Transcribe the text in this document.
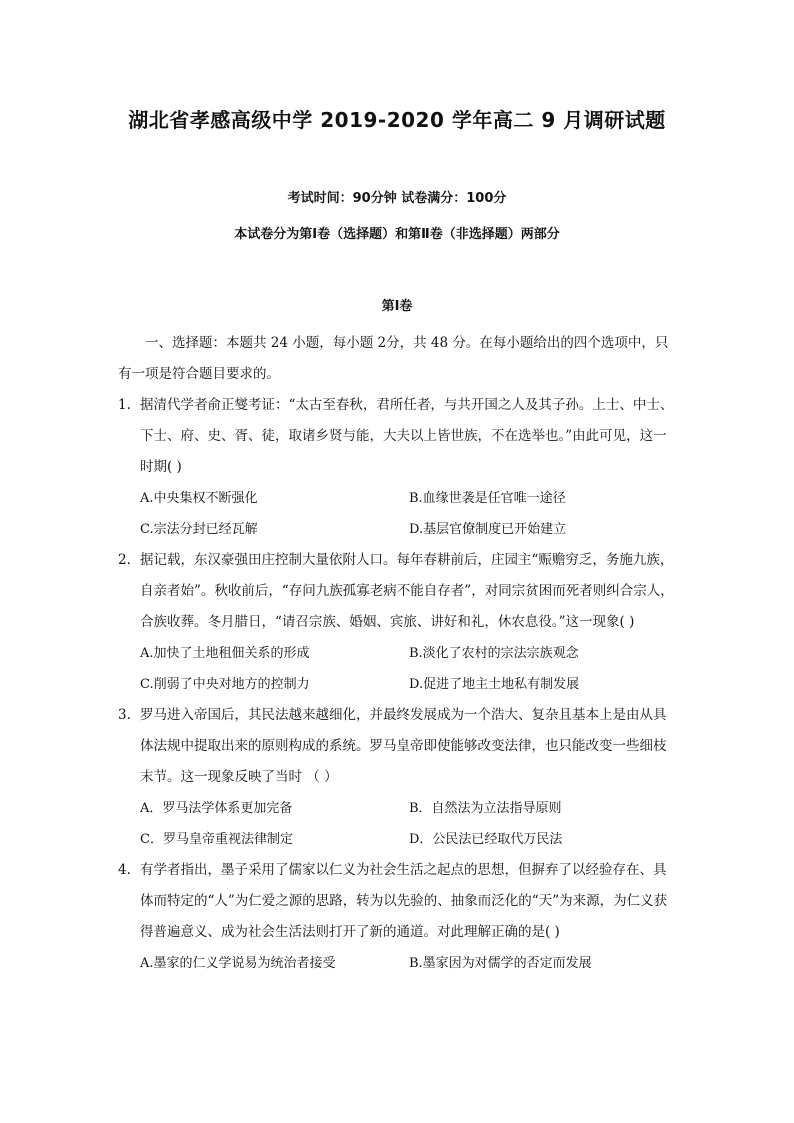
湖北省孝感高级中学 2019-2020 学年高二 9 月调研试题
考试时间：90分钟 试卷满分：100分
本试卷分为第Ⅰ卷（选择题）和第Ⅱ卷（非选择题）两部分
第Ⅰ卷

一、选择题：本题共 24 小题，每小题 2分，共 48 分。在每小题给出的四个选项中，只有一项是符合题目要求的。

1. 据清代学者俞正燮考证：“太古至春秋，君所任者，与共开国之人及其子孙。上士、中士、下士、府、史、胥、徒，取诸乡贤与能，大夫以上皆世族，不在选举也。”由此可见，这一时期( )

A.中央集权不断强化	B.血缘世袭是任官唯一途径
C.宗法分封已经瓦解	D.基层官僚制度已开始建立

2. 据记载，东汉豪强田庄控制大量依附人口。每年春耕前后，庄园主“赈赡穷乏，务施九族，自亲者始”。秋收前后，“存问九族孤寡老病不能自存者”，对同宗贫困而死者则纠合宗人，合族收葬。冬月腊日，“请召宗族、婚姻、宾旅、讲好和礼，休农息役。”这一现象( )

A.加快了土地租佃关系的形成	B.淡化了农村的宗法宗族观念
C.削弱了中央对地方的控制力	D.促进了地主土地私有制发展

3. 罗马进入帝国后，其民法越来越细化，并最终发展成为一个浩大、复杂且基本上是由从具体法规中提取出来的原则构成的系统。罗马皇帝即使能够改变法律，也只能改变一些细枝末节。这一现象反映了当时 （ ）

A．罗马法学体系更加完备	B．自然法为立法指导原则
C．罗马皇帝重视法律制定	D．公民法已经取代万民法

4. 有学者指出，墨子采用了儒家以仁义为社会生活之起点的思想，但摒弃了以经验存在、具体而特定的“人”为仁爱之源的思路，转为以先验的、抽象而泛化的“天”为来源，为仁义获得普遍意义、成为社会生活法则打开了新的通道。对此理解正确的是( )

A.墨家的仁义学说易为统治者接受	B.墨家因为对儒学的否定而发展
